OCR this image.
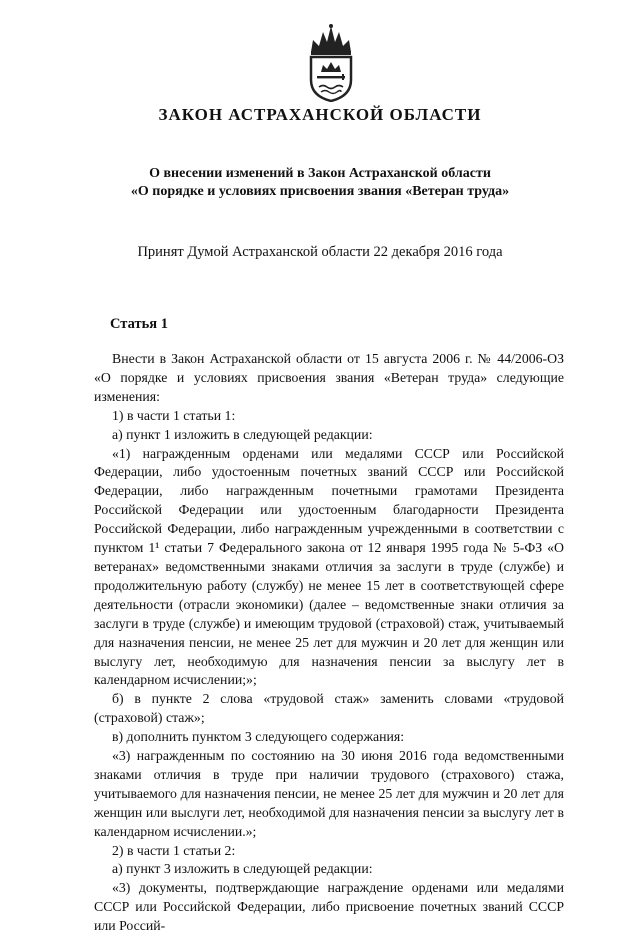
ЗАКОН АСТРАХАНСКОЙ ОБЛАСТИ

О внесении изменений в Закон Астраханской области

«О порядке и условиях присвоения звания «Ветеран труда»

Принят Думой Астраханской области 22 декабря 2016 года

Статья 1

Внести в Закон Астраханской области от 15 августа 2006 г. № 44/2006-ОЗ «О порядке и условиях присвоения звания «Ветеран труда» следующие изменения:

1) в части 1 статьи 1:

а) пункт 1 изложить в следующей редакции:

«1) награжденным орденами или медалями СССР или Российской Федерации, либо удостоенным почетных званий СССР или Российской Федерации, либо награжденным почетными грамотами Президента Российской Федерации или удостоенным благодарности Президента Российской Федерации, либо награжденным учрежденными в соответствии с пунктом 1¹ статьи 7 Федерального закона от 12 января 1995 года № 5-ФЗ «О ветеранах» ведомственными знаками отличия за заслуги в труде (службе) и продолжительную работу (службу) не менее 15 лет в соответствующей сфере деятельности (отрасли экономики) (далее – ведомственные знаки отличия за заслуги в труде (службе) и имеющим трудовой (страховой) стаж, учитываемый для назначения пенсии, не менее 25 лет для мужчин и 20 лет для женщин или выслугу лет, необходимую для назначения пенсии за выслугу лет в календарном исчислении;»;

б) в пункте 2 слова «трудовой стаж» заменить словами «трудовой (страховой) стаж»;

в) дополнить пунктом 3 следующего содержания:

«3) награжденным по состоянию на 30 июня 2016 года ведомственными знаками отличия в труде при наличии трудового (страхового) стажа, учитываемого для назначения пенсии, не менее 25 лет для мужчин и 20 лет для женщин или выслуги лет, необходимой для назначения пенсии за выслугу лет в календарном исчислении.»;

2) в части 1 статьи 2:

а) пункт 3 изложить в следующей редакции:

«3) документы, подтверждающие награждение орденами или медалями СССР или Российской Федерации, либо присвоение почетных званий СССР или Россий-
